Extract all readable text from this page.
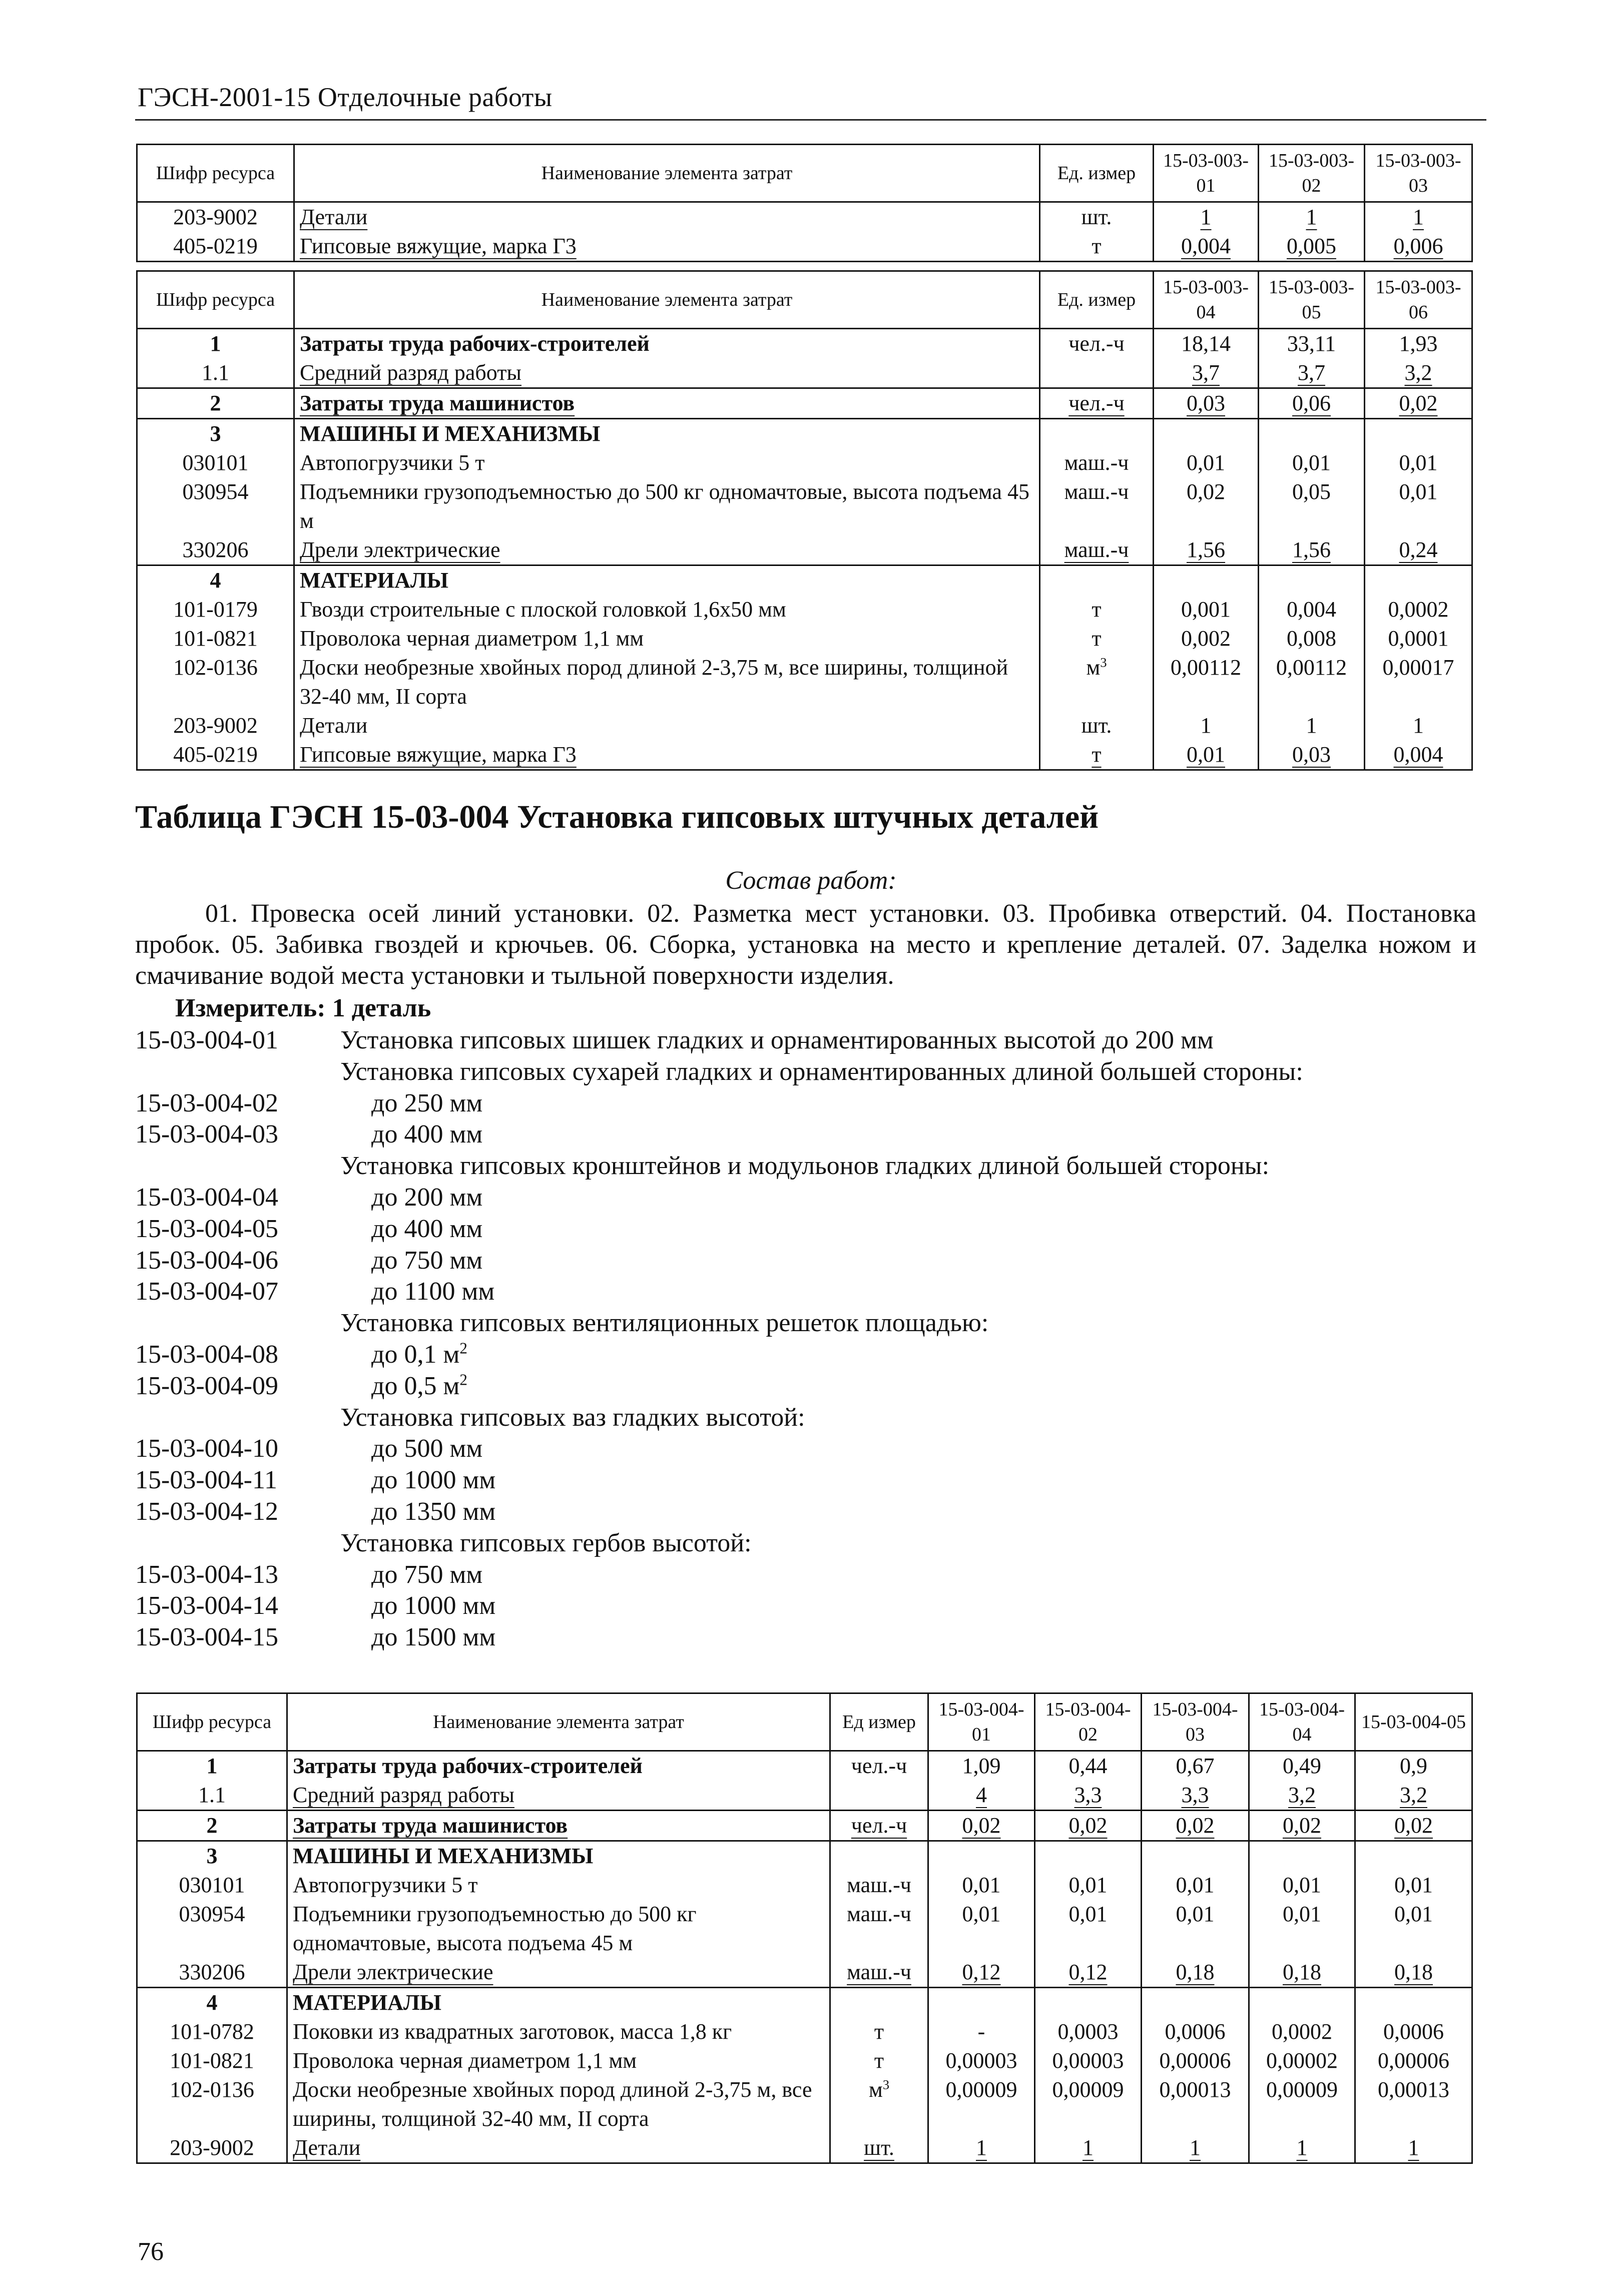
ГЭСН-2001-15 Отделочные работы
Шифр ресурса	Наименование элемента затрат	Ед. измер	15-03-003-01	15-03-003-02	15-03-003-03
203-9002	Детали	шт.	1	1	1
405-0219	Гипсовые вяжущие, марка Г3	т	0,004	0,005	0,006
Шифр ресурса	Наименование элемента затрат	Ед. измер	15-03-003-04	15-03-003-05	15-03-003-06
1	Затраты труда рабочих-строителей	чел.-ч	18,14	33,11	1,93
1.1	Средний разряд работы		3,7	3,7	3,2
2	Затраты труда машинистов	чел.-ч	0,03	0,06	0,02
3	МАШИНЫ И МЕХАНИЗМЫ				
030101	Автопогрузчики 5 т	маш.-ч	0,01	0,01	0,01
030954	Подъемники грузоподъемностью до 500 кг одномачтовые, высота подъема 45 м	маш.-ч	0,02	0,05	0,01
330206	Дрели электрические	маш.-ч	1,56	1,56	0,24
4	МАТЕРИАЛЫ				
101-0179	Гвозди строительные с плоской головкой 1,6х50 мм	т	0,001	0,004	0,0002
101-0821	Проволока черная диаметром 1,1 мм	т	0,002	0,008	0,0001
102-0136	Доски необрезные хвойных пород длиной 2-3,75 м, все ширины, толщиной 32-40 мм, II сорта	$м^3$	0,00112	0,00112	0,00017
203-9002	Детали	шт.	1	1	1
405-0219	Гипсовые вяжущие, марка Г3	т	0,01	0,03	0,004
Таблица ГЭСН 15-03-004 Установка гипсовых штучных деталей
Состав работ:
01. Провеска осей линий установки. 02. Разметка мест установки. 03. Пробивка отверстий. 04. Постановка пробок. 05. Забивка гвоздей и крючьев. 06. Сборка, установка на место и крепление деталей. 07. Заделка ножом и смачивание водой места установки и тыльной поверхности изделия.
Измеритель: 1 деталь
15-03-004-01 Установка гипсовых шишек гладких и орнаментированных высотой до 200 мм
Установка гипсовых сухарей гладких и орнаментированных длиной большей стороны:
15-03-004-02	до 250 мм
15-03-004-03	до 400 мм
Установка гипсовых кронштейнов и модульонов гладких длиной большей стороны:
15-03-004-04	до 200 мм
15-03-004-05	до 400 мм
15-03-004-06	до 750 мм
15-03-004-07	до 1100 мм
Установка гипсовых вентиляционных решеток площадью:
15-03-004-08	до 0,1 $м^2$
15-03-004-09	до 0,5 $м^2$
Установка гипсовых ваз гладких высотой:
15-03-004-10	до 500 мм
15-03-004-11	до 1000 мм
15-03-004-12	до 1350 мм
Установка гипсовых гербов высотой:
15-03-004-13	до 750 мм
15-03-004-14	до 1000 мм
15-03-004-15	до 1500 мм
Шифр ресурса	Наименование элемента затрат	Ед измер	15-03-004-01	15-03-004-02	15-03-004-03	15-03-004-04	15-03-004-05
1	Затраты труда рабочих-строителей	чел.-ч	1,09	0,44	0,67	0,49	0,9
1.1	Средний разряд работы		4	3,3	3,3	3,2	3,2
2	Затраты труда машинистов	чел.-ч	0,02	0,02	0,02	0,02	0,02
3	МАШИНЫ И МЕХАНИЗМЫ						
030101	Автопогрузчики 5 т	маш.-ч	0,01	0,01	0,01	0,01	0,01
030954	Подъемники грузоподъемностью до 500 кг одномачтовые, высота подъема 45 м	маш.-ч	0,01	0,01	0,01	0,01	0,01
330206	Дрели электрические	маш.-ч	0,12	0,12	0,18	0,18	0,18
4	МАТЕРИАЛЫ						
101-0782	Поковки из квадратных заготовок, масса 1,8 кг	т	-	0,0003	0,0006	0,0002	0,0006
101-0821	Проволока черная диаметром 1,1 мм	т	0,00003	0,00003	0,00006	0,00002	0,00006
102-0136	Доски необрезные хвойных пород длиной 2-3,75 м, все ширины, толщиной 32-40 мм, II сорта	$м^3$	0,00009	0,00009	0,00013	0,00009	0,00013
203-9002	Детали	шт.	1	1	1	1	1
76
